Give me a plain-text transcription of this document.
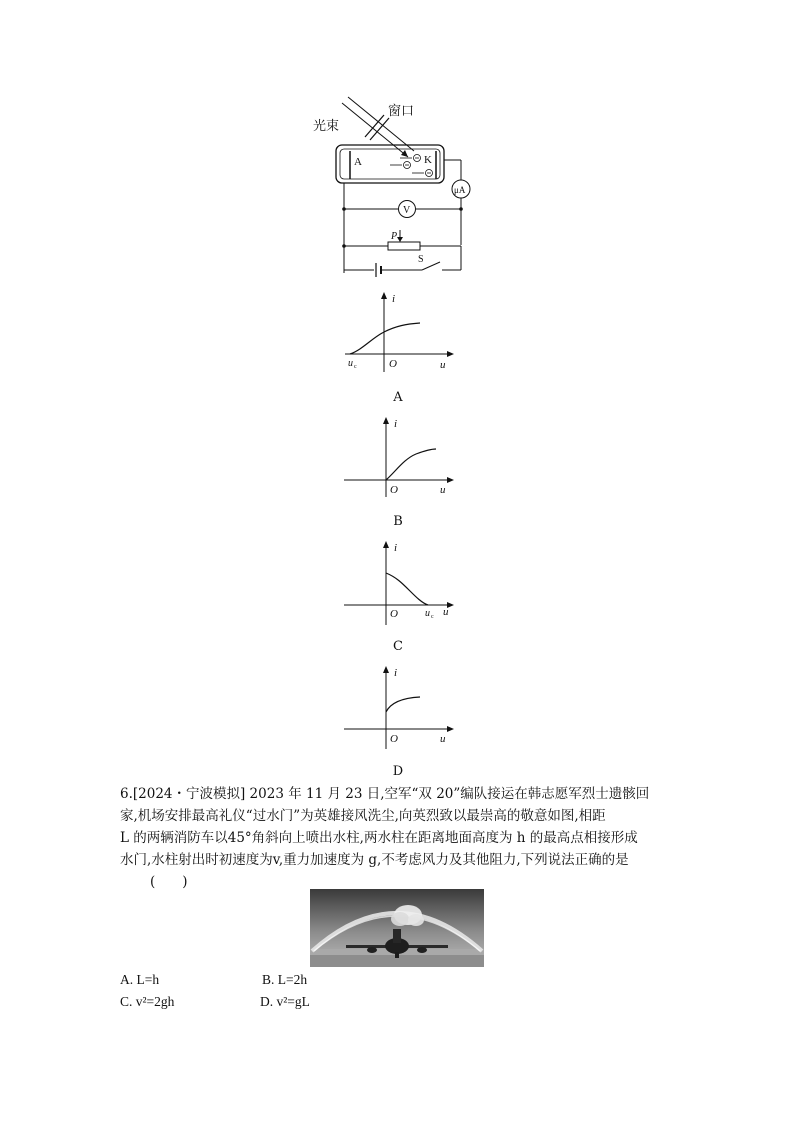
光束
窗口
A	K
μA
V
P
S
i
u
O
u c
A
i
u
O
B
i
u
O	u c
C
i
u
O
D
6.[2024・宁波模拟] 2023 年 11 月 23 日,空军“双 20”编队接运在韩志愿军烈士遗骸回
家,机场安排最高礼仪“过水门”为英雄接风洗尘,向英烈致以最崇高的敬意如图,相距
L 的两辆消防车以45°角斜向上喷出水柱,两水柱在距离地面高度为 h 的最高点相接形成
水门,水柱射出时初速度为v,重力加速度为 g,不考虑风力及其他阻力,下列说法正确的是
(　　)
A. L=h	B. L=2h
C. v²=2gh	D. v²=gL
